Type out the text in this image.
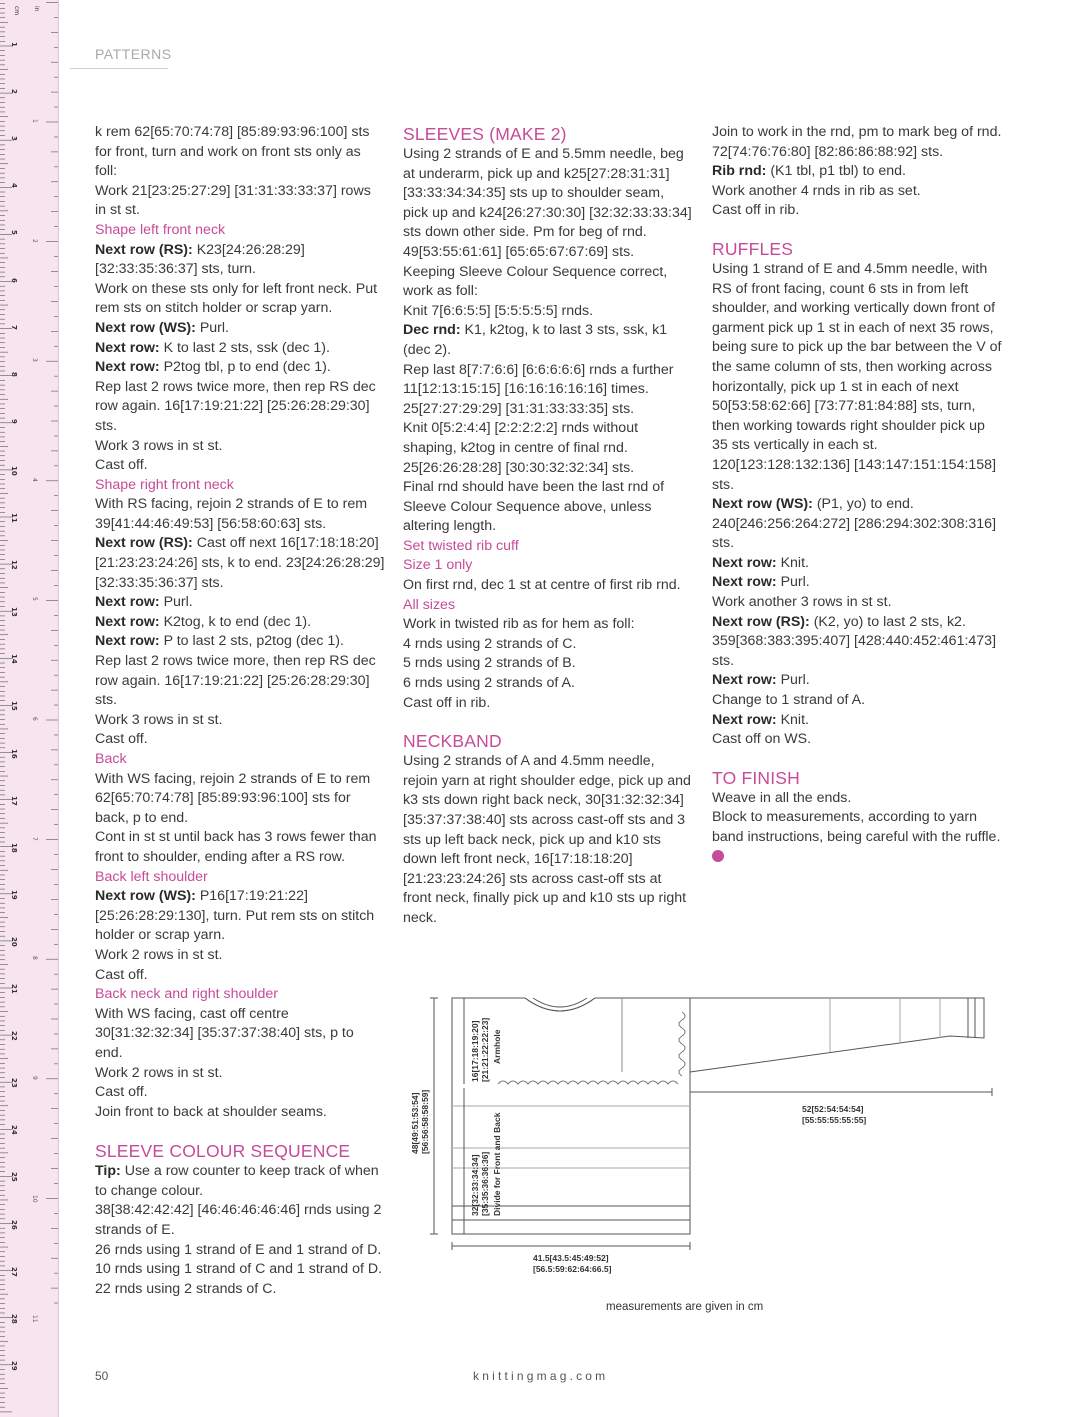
cm in
1
2
3
4
5
6
7
8
9
10
11
12
13
14
15
16
17
18
19
20
21
22
23
24
25
26
27
28
29
1
2
3
4
5
6
7
8
9
10
11
PATTERNS

k rem 62[65:70:74:78] [85:89:93:96:100] sts for front, turn and work on front sts only as foll:

Work 21[23:25:27:29] [31:31:33:33:37] rows in st st.

Shape left front neck

Next row (RS): K23[24:26:28:29] [32:33:35:36:37] sts, turn.

Work on these sts only for left front neck. Put rem sts on stitch holder or scrap yarn.

Next row (WS): Purl.

Next row: K to last 2 sts, ssk (dec 1).

Next row: P2tog tbl, p to end (dec 1).

Rep last 2 rows twice more, then rep RS dec row again. 16[17:19:21:22] [25:26:28:29:30] sts.

Work 3 rows in st st.

Cast off.

Shape right front neck

With RS facing, rejoin 2 strands of E to rem 39[41:44:46:49:53] [56:58:60:63] sts.

Next row (RS): Cast off next 16[17:18:18:20] [21:23:23:24:26] sts, k to end. 23[24:26:28:29] [32:33:35:36:37] sts.

Next row: Purl.

Next row: K2tog, k to end (dec 1).

Next row: P to last 2 sts, p2tog (dec 1).

Rep last 2 rows twice more, then rep RS dec row again. 16[17:19:21:22] [25:26:28:29:30] sts.

Work 3 rows in st st.

Cast off.

Back

With WS facing, rejoin 2 strands of E to rem 62[65:70:74:78] [85:89:93:96:100] sts for back, p to end.

Cont in st st until back has 3 rows fewer than front to shoulder, ending after a RS row.

Back left shoulder

Next row (WS): P16[17:19:21:22] [25:26:28:29:130], turn. Put rem sts on stitch holder or scrap yarn.

Work 2 rows in st st.

Cast off.

Back neck and right shoulder

With WS facing, cast off centre 30[31:32:32:34] [35:37:37:38:40] sts, p to end.

Work 2 rows in st st.

Cast off.

Join front to back at shoulder seams.

SLEEVE COLOUR SEQUENCE

Tip: Use a row counter to keep track of when to change colour.

38[38:42:42:42] [46:46:46:46:46] rnds using 2 strands of E.

26 rnds using 1 strand of E and 1 strand of D.

10 rnds using 1 strand of C and 1 strand of D.

22 rnds using 2 strands of C.

SLEEVES (MAKE 2)

Using 2 strands of E and 5.5mm needle, beg at underarm, pick up and k25[27:28:31:31] [33:33:34:34:35] sts up to shoulder seam, pick up and k24[26:27:30:30] [32:32:33:33:34] sts down other side. Pm for beg of rnd. 49[53:55:61:61] [65:65:67:67:69] sts.

Keeping Sleeve Colour Sequence correct, work as foll:

Knit 7[6:6:5:5] [5:5:5:5:5] rnds.

Dec rnd: K1, k2tog, k to last 3 sts, ssk, k1 (dec 2).

Rep last 8[7:7:6:6] [6:6:6:6:6] rnds a further 11[12:13:15:15] [16:16:16:16:16] times. 25[27:27:29:29] [31:31:33:33:35] sts.

Knit 0[5:2:4:4] [2:2:2:2:2] rnds without shaping, k2tog in centre of final rnd. 25[26:26:28:28] [30:30:32:32:34] sts.

Final rnd should have been the last rnd of Sleeve Colour Sequence above, unless altering length.

Set twisted rib cuff

Size 1 only

On first rnd, dec 1 st at centre of first rib rnd.

All sizes

Work in twisted rib as for hem as foll:

4 rnds using 2 strands of C.

5 rnds using 2 strands of B.

6 rnds using 2 strands of A.

Cast off in rib.

NECKBAND

Using 2 strands of A and 4.5mm needle, rejoin yarn at right shoulder edge, pick up and k3 sts down right back neck, 30[31:32:32:34] [35:37:37:38:40] sts across cast-off sts and 3 sts up left back neck, pick up and k10 sts down left front neck, 16[17:18:18:20] [21:23:23:24:26] sts across cast-off sts at front neck, finally pick up and k10 sts up right neck.

Join to work in the rnd, pm to mark beg of rnd. 72[74:76:76:80] [82:86:86:88:92] sts.

Rib rnd: (K1 tbl, p1 tbl) to end.

Work another 4 rnds in rib as set.

Cast off in rib.

RUFFLES

Using 1 strand of E and 4.5mm needle, with RS of front facing, count 6 sts in from left shoulder, and working vertically down front of garment pick up 1 st in each of next 35 rows, being sure to pick up the bar between the V of the same column of sts, then working across horizontally, pick up 1 st in each of next 50[53:58:62:66] [73:77:81:84:88] sts, turn, then working towards right shoulder pick up 35 sts vertically in each st. 120[123:128:132:136] [143:147:151:154:158] sts.

Next row (WS): (P1, yo) to end. 240[246:256:264:272] [286:294:302:308:316] sts.

Next row: Knit.

Next row: Purl.

Work another 3 rows in st st.

Next row (RS): (K2, yo) to last 2 sts, k2. 359[368:383:395:407] [428:440:452:461:473] sts.

Next row: Purl.

Change to 1 strand of A.

Next row: Knit.

Cast off on WS.

TO FINISH

Weave in all the ends.

Block to measurements, according to yarn band instructions, being careful with the ruffle.

48[49:51:53:54] [56:56:58:58:59]
16[17:18:19:20] [21:21:22:22:23] Armhole
32[32:33:34:34] [35:35:36:36:36] Divide for Front and Back
41.5[43.5:45:49:52]
[56.5:59:62:64:66.5]
52[52:54:54:54]
[55:55:55:55:55]
measurements are given in cm
50	knittingmag.com
